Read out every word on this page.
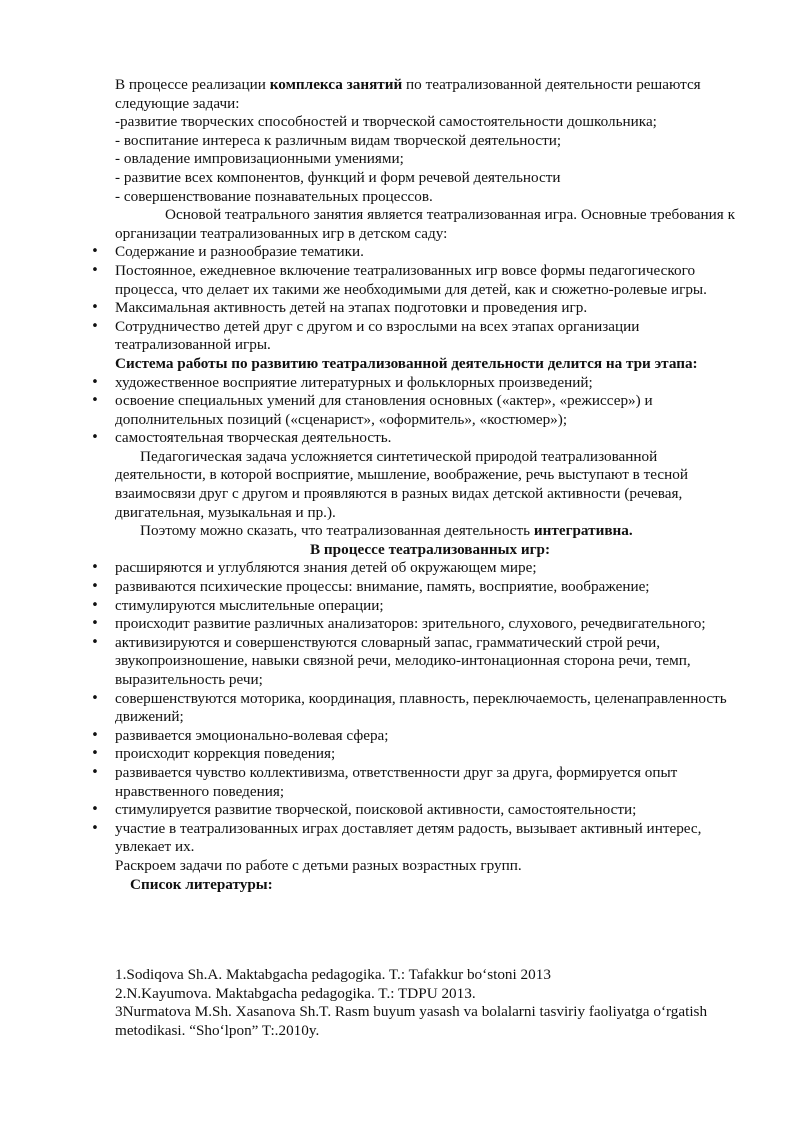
В процессе реализации комплекса занятий по театрализованной деятельности решаются следующие задачи:

-развитие творческих способностей и творческой самостоятельности дошкольника;

- воспитание интереса к различным видам творческой деятельности;

- овладение импровизационными умениями;

- развитие всех компонентов, функций и форм речевой деятельности

- совершенствование познавательных процессов.

Основой театрального занятия является театрализованная игра. Основные требования к организации театрализованных игр в детском саду:

• Содержание и разнообразие тематики.
• Постоянное, ежедневное включение театрализованных игр вовсе формы педагогического процесса, что делает их такими же необходимыми для детей, как и сюжетно-ролевые игры.
• Максимальная активность детей на этапах подготовки и проведения игр.
• Сотрудничество детей друг с другом и со взрослыми на всех этапах организации театрализованной игры.

Система работы по развитию театрализованной деятельности делится на три этапа:

• художественное восприятие литературных и фольклорных произведений;
• освоение специальных умений для становления основных («актер», «режиссер») и дополнительных позиций («сценарист», «оформитель», «костюмер»);
• самостоятельная творческая деятельность.

Педагогическая задача усложняется синтетической природой театрализованной деятельности, в которой восприятие, мышление, воображение, речь выступают в тесной взаимосвязи друг с другом и проявляются в разных видах детской активности (речевая, двигательная, музыкальная и пр.).

Поэтому можно сказать, что театрализованная деятельность интегративна.

В процессе театрализованных игр:

• расширяются и углубляются знания детей об окружающем мире;
• развиваются психические процессы: внимание, память, восприятие, воображение;
• стимулируются мыслительные операции;
• происходит развитие различных анализаторов: зрительного, слухового, речедвигательного;
• активизируются и совершенствуются словарный запас, грамматический строй речи, звукопроизношение, навыки связной речи, мелодико-интонационная сторона речи, темп, выразительность речи;
• совершенствуются моторика, координация, плавность, переключаемость, целенаправленность движений;
• развивается эмоционально-волевая сфера;
• происходит коррекция поведения;
• развивается чувство коллективизма, ответственности друг за друга, формируется опыт нравственного поведения;
• стимулируется развитие творческой, поисковой активности, самостоятельности;
• участие в театрализованных играх доставляет детям радость, вызывает активный интерес, увлекает их.

Раскроем задачи по работе с детьми разных возрастных групп.

Список литературы:

1.Sodiqova Sh.A. Maktabgacha pedagogika. T.: Tafakkur bo‘stoni 2013

2.N.Kayumova. Maktabgacha pedagogika. T.: TDPU 2013.

3Nurmatova M.Sh. Xasanova Sh.T. Rasm buyum yasash va bolalarni tasviriy faoliyatga o‘rgatish metodikasi. “Sho‘lpon” T:.2010y.
